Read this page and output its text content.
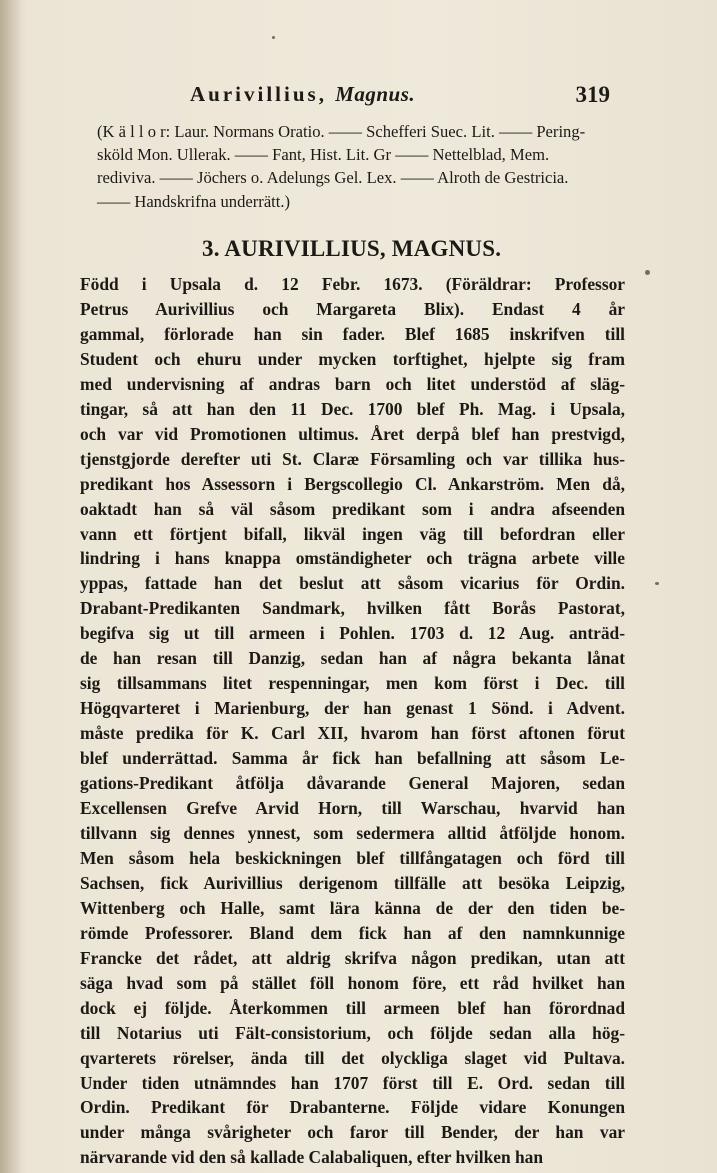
Aurivillius, Magnus.	319

(K ä l l o r: Laur. Normans Oratio. —— Schefferi Suec. Lit. —— Pering-

sköld Mon. Ullerak. —— Fant, Hist. Lit. Gr —— Nettelblad, Mem.

rediviva. —— Jöchers o. Adelungs Gel. Lex. —— Alroth de Gestricia.

—— Handskrifna underrätt.)

3. AURIVILLIUS, MAGNUS.
Född i Upsala d. 12 Febr. 1673. (Föräldrar: Professor
Petrus Aurivillius och Margareta Blix). Endast 4 år
gammal, förlorade han sin fader. Blef 1685 inskrifven till
Student och ehuru under mycken torftighet, hjelpte sig fram
med undervisning af andras barn och litet understöd af släg-
tingar, så att han den 11 Dec. 1700 blef Ph. Mag. i Upsala,
och var vid Promotionen ultimus. Året derpå blef han prestvigd,
tjenstgjorde derefter uti St. Claræ Församling och var tillika hus-
predikant hos Assessorn i Bergscollegio Cl. Ankarström. Men då,
oaktadt han så väl såsom predikant som i andra afseenden
vann ett förtjent bifall, likväl ingen väg till befordran eller
lindring i hans knappa omständigheter och trägna arbete ville
yppas, fattade han det beslut att såsom vicarius för Ordin.
Drabant-Predikanten Sandmark, hvilken fått Borås Pastorat,
begifva sig ut till armeen i Pohlen. 1703 d. 12 Aug. anträd-
de han resan till Danzig, sedan han af några bekanta lånat
sig tillsammans litet respenningar, men kom först i Dec. till
Högqvarteret i Marienburg, der han genast 1 Sönd. i Advent.
måste predika för K. Carl XII, hvarom han först aftonen förut
blef underrättad. Samma år fick han befallning att såsom Le-
gations-Predikant åtfölja dåvarande General Majoren, sedan
Excellensen Grefve Arvid Horn, till Warschau, hvarvid han
tillvann sig dennes ynnest, som sedermera alltid åtföljde honom.
Men såsom hela beskickningen blef tillfångatagen och förd till
Sachsen, fick Aurivillius derigenom tillfälle att besöka Leipzig,
Wittenberg och Halle, samt lära känna de der den tiden be-
römde Professorer. Bland dem fick han af den namnkunnige
Francke det rådet, att aldrig skrifva någon predikan, utan att
säga hvad som på stället föll honom före, ett råd hvilket han
dock ej följde. Återkommen till armeen blef han förordnad
till Notarius uti Fält-consistorium, och följde sedan alla hög-
qvarterets rörelser, ända till det olyckliga slaget vid Pultava.
Under tiden utnämndes han 1707 först till E. Ord. sedan till
Ordin. Predikant för Drabanterne. Följde vidare Konungen
under många svårigheter och faror till Bender, der han var
närvarande vid den så kallade Calabaliquen, efter hvilken han
